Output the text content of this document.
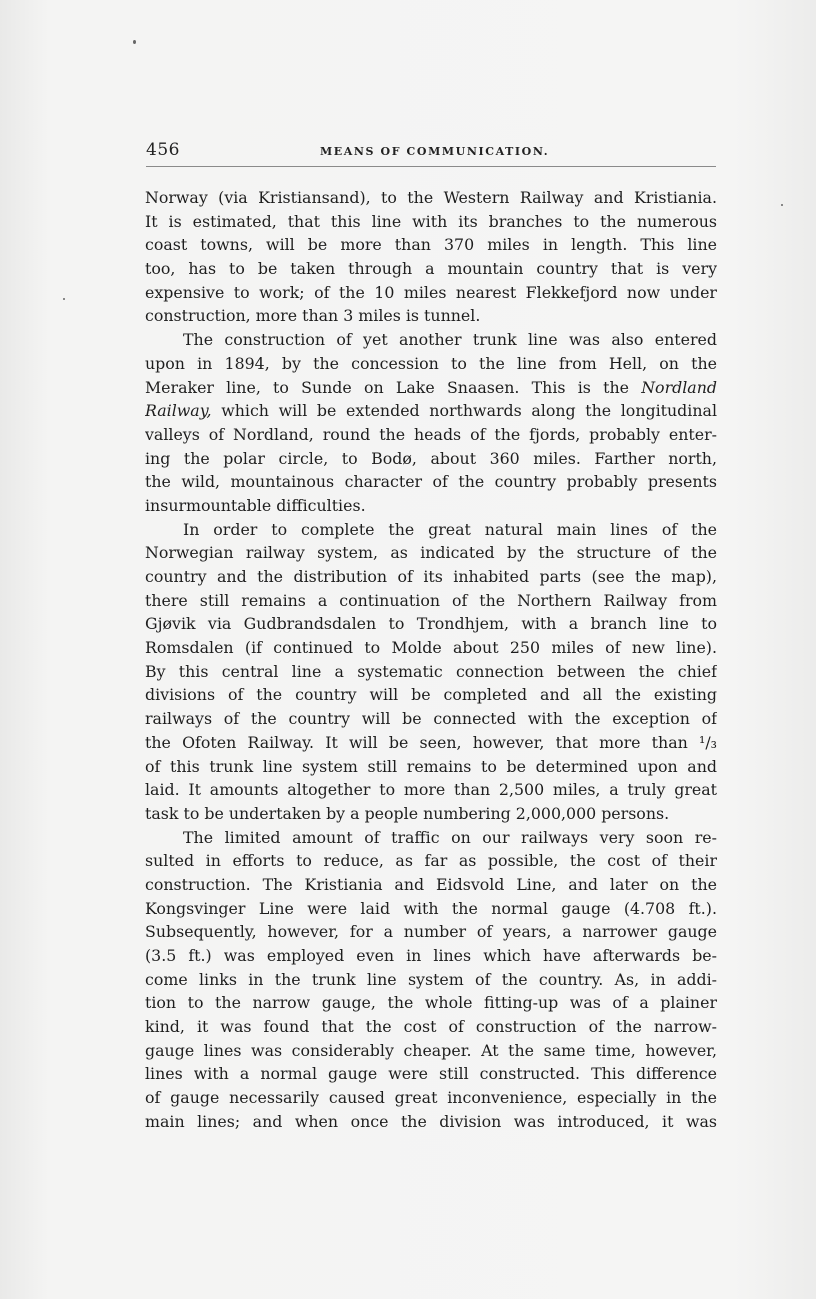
456	MEANS OF COMMUNICATION.
Norway (via Kristiansand), to the Western Railway and Kristiania.
It is estimated, that this line with its branches to the numerous
coast towns, will be more than 370 miles in length. This line
too, has to be taken through a mountain country that is very
expensive to work; of the 10 miles nearest Flekkefjord now under
construction, more than 3 miles is tunnel.
The construction of yet another trunk line was also entered
upon in 1894, by the concession to the line from Hell, on the
Meraker line, to Sunde on Lake Snaasen. This is the Nordland
Railway, which will be extended northwards along the longitudinal
valleys of Nordland, round the heads of the fjords, probably enter-
ing the polar circle, to Bodø, about 360 miles. Farther north,
the wild, mountainous character of the country probably presents
insurmountable difficulties.
In order to complete the great natural main lines of the
Norwegian railway system, as indicated by the structure of the
country and the distribution of its inhabited parts (see the map),
there still remains a continuation of the Northern Railway from
Gjøvik via Gudbrandsdalen to Trondhjem, with a branch line to
Romsdalen (if continued to Molde about 250 miles of new line).
By this central line a systematic connection between the chief
divisions of the country will be completed and all the existing
railways of the country will be connected with the exception of
the Ofoten Railway. It will be seen, however, that more than ¹/₃
of this trunk line system still remains to be determined upon and
laid. It amounts altogether to more than 2,500 miles, a truly great
task to be undertaken by a people numbering 2,000,000 persons.
The limited amount of traffic on our railways very soon re-
sulted in efforts to reduce, as far as possible, the cost of their
construction. The Kristiania and Eidsvold Line, and later on the
Kongsvinger Line were laid with the normal gauge (4.708 ft.).
Subsequently, however, for a number of years, a narrower gauge
(3.5 ft.) was employed even in lines which have afterwards be-
come links in the trunk line system of the country. As, in addi-
tion to the narrow gauge, the whole fitting-up was of a plainer
kind, it was found that the cost of construction of the narrow-
gauge lines was considerably cheaper. At the same time, however,
lines with a normal gauge were still constructed. This difference
of gauge necessarily caused great inconvenience, especially in the
main lines; and when once the division was introduced, it was
